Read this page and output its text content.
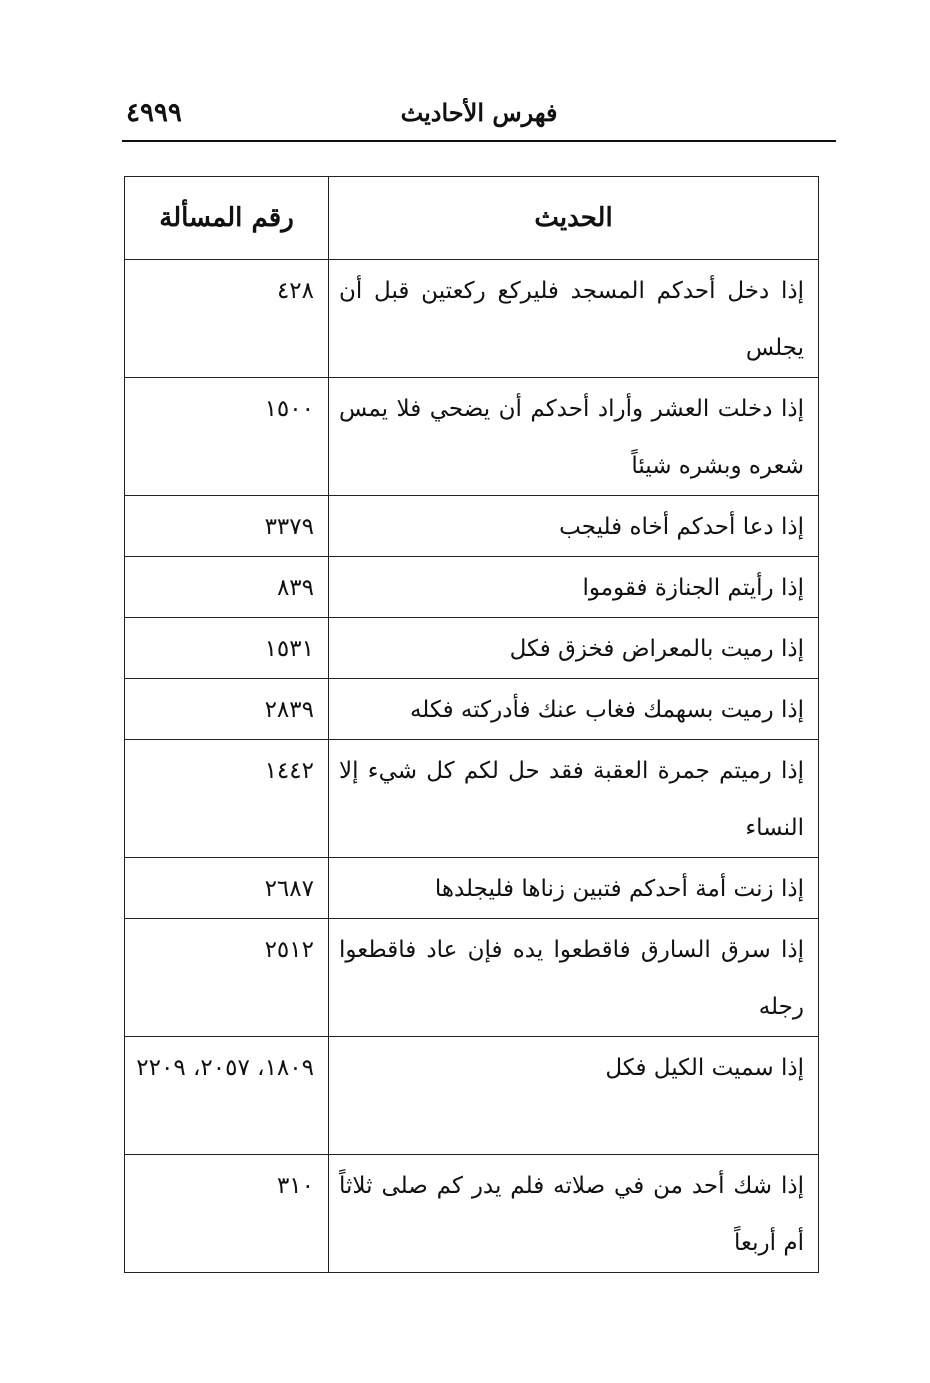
٤٩٩٩	فهرس الأحاديث
الحديث	رقم المسألة
إذا دخل أحدكم المسجد فليركع ركعتين قبل أن يجلس	٤٢٨
إذا دخلت العشر وأراد أحدكم أن يضحي فلا يمس شعره وبشره شيئاً	١٥٠٠
إذا دعا أحدكم أخاه فليجب	٣٣٧٩
إذا رأيتم الجنازة فقوموا	٨٣٩
إذا رميت بالمعراض فخزق فكل	١٥٣١
إذا رميت بسهمك فغاب عنك فأدركته فكله	٢٨٣٩
إذا رميتم جمرة العقبة فقد حل لكم كل شيء إلا النساء	١٤٤٢
إذا زنت أمة أحدكم فتبين زناها فليجلدها	٢٦٨٧
إذا سرق السارق فاقطعوا يده فإن عاد فاقطعوا رجله	٢٥١٢
إذا سميت الكيل فكل	١٨٠٩، ٢٠٥٧، ٢٢٠٩
إذا شك أحد من في صلاته فلم يدر كم صلى ثلاثاً أم أربعاً	٣١٠
